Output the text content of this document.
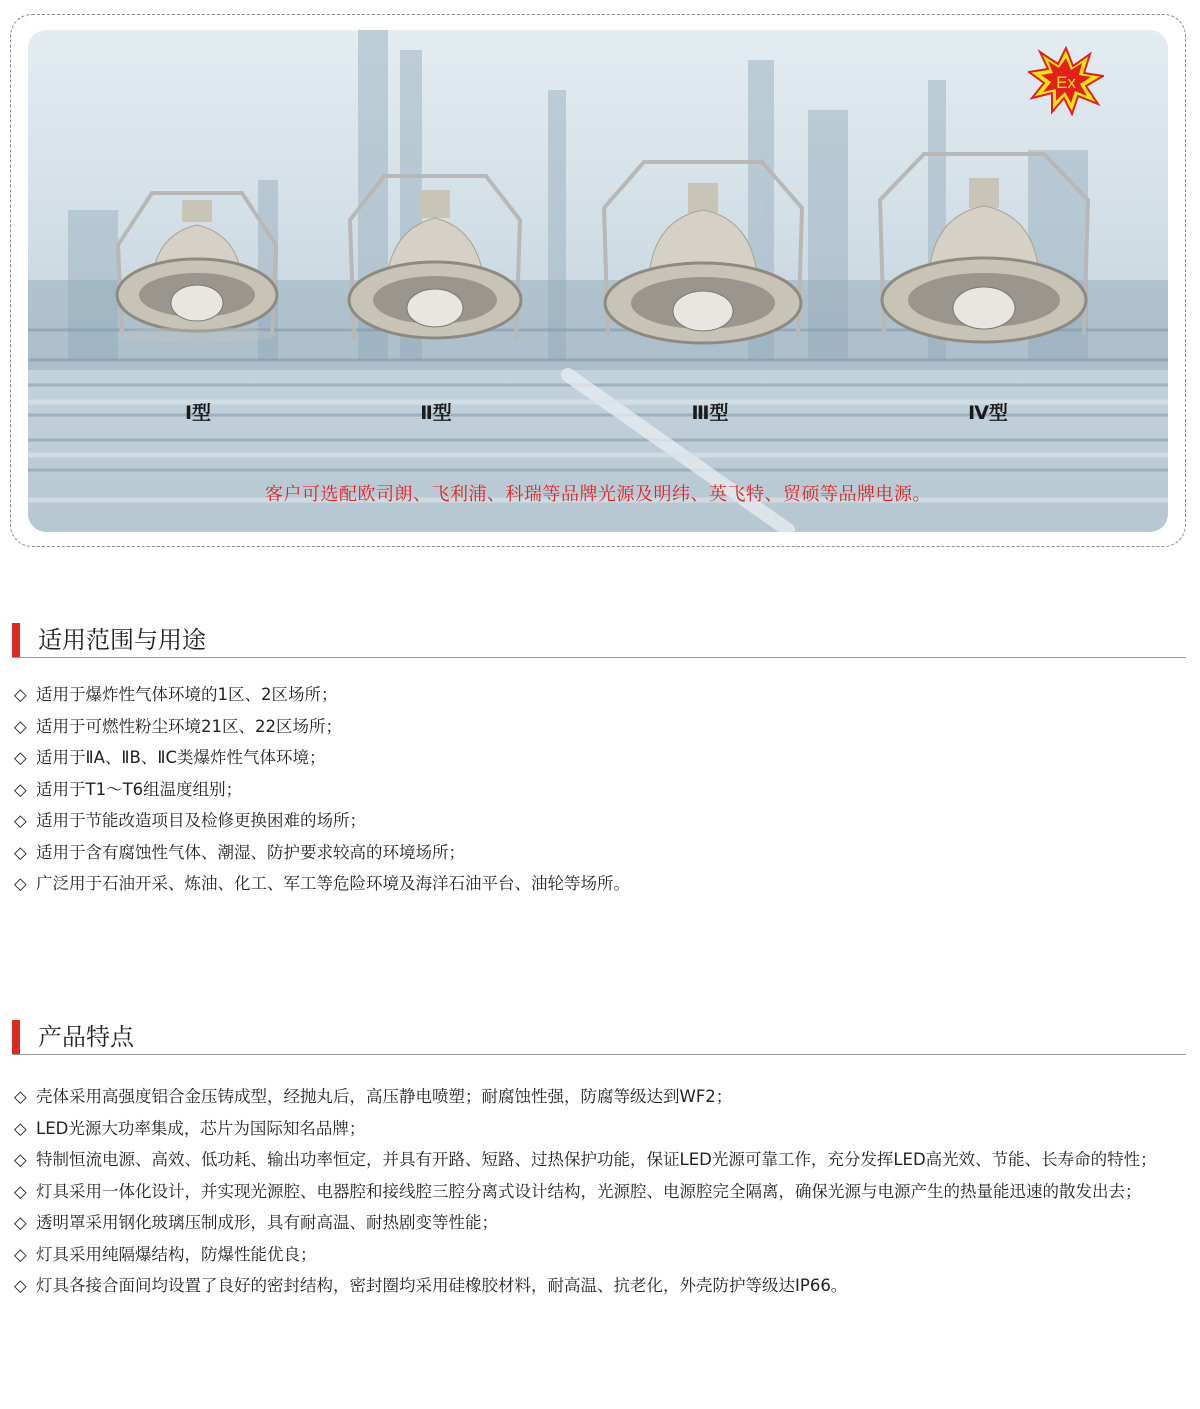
Ex
Ⅰ型	Ⅱ型	Ⅲ型	Ⅳ型
客户可选配欧司朗、飞利浦、科瑞等品牌光源及明纬、英飞特、贸硕等品牌电源。
适用范围与用途
◇ 适用于爆炸性气体环境的1区、2区场所；
◇ 适用于可燃性粉尘环境21区、22区场所；
◇ 适用于ⅡA、ⅡB、ⅡC类爆炸性气体环境；
◇ 适用于T1～T6组温度组别；
◇ 适用于节能改造项目及检修更换困难的场所；
◇ 适用于含有腐蚀性气体、潮湿、防护要求较高的环境场所；
◇ 广泛用于石油开采、炼油、化工、军工等危险环境及海洋石油平台、油轮等场所。
产品特点
◇ 壳体采用高强度铝合金压铸成型，经抛丸后，高压静电喷塑；耐腐蚀性强，防腐等级达到WF2；
◇ LED光源大功率集成，芯片为国际知名品牌；
◇ 特制恒流电源、高效、低功耗、输出功率恒定，并具有开路、短路、过热保护功能，保证LED光源可靠工作，充分发挥LED高光效、节能、长寿命的特性；
◇ 灯具采用一体化设计，并实现光源腔、电器腔和接线腔三腔分离式设计结构，光源腔、电源腔完全隔离，确保光源与电源产生的热量能迅速的散发出去；
◇ 透明罩采用钢化玻璃压制成形，具有耐高温、耐热剧变等性能；
◇ 灯具采用纯隔爆结构，防爆性能优良；
◇ 灯具各接合面间均设置了良好的密封结构，密封圈均采用硅橡胶材料，耐高温、抗老化，外壳防护等级达IP66。
